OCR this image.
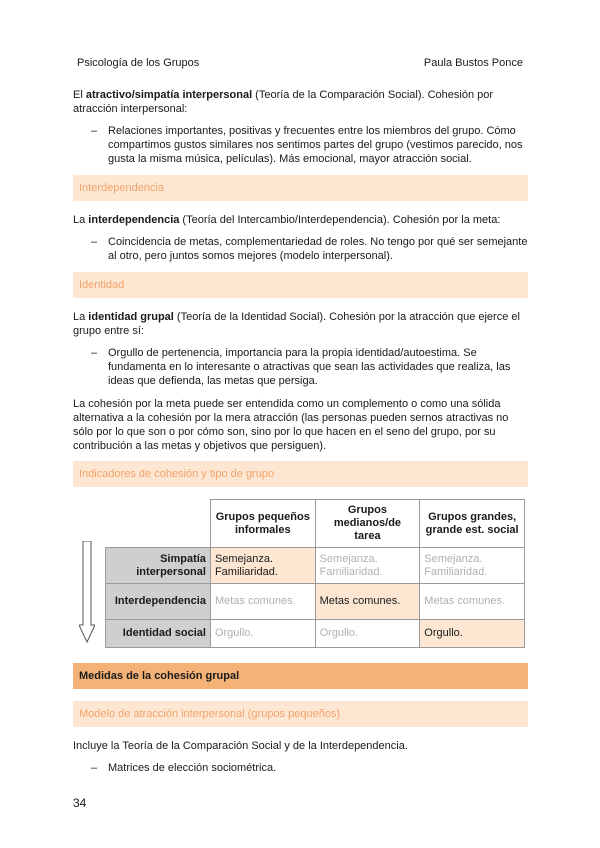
Psicología de los Grupos	Paula Bustos Ponce

El atractivo/simpatía interpersonal (Teoría de la Comparación Social). Cohesión por atracción interpersonal:

– Relaciones importantes, positivas y frecuentes entre los miembros del grupo. Cómo compartimos gustos similares nos sentimos partes del grupo (vestimos parecido, nos gusta la misma música, películas). Más emocional, mayor atracción social.
Interdependencia

La interdependencia (Teoría del Intercambio/Interdependencia). Cohesión por la meta:

– Coincidencia de metas, complementariedad de roles. No tengo por qué ser semejante al otro, pero juntos somos mejores (modelo interpersonal).
Identidad

La identidad grupal (Teoría de la Identidad Social). Cohesión por la atracción que ejerce el grupo entre sí:

– Orgullo de pertenencia, importancia para la propia identidad/autoestima. Se fundamenta en lo interesante o atractivas que sean las actividades que realiza, las ideas que defienda, las metas que persiga.

La cohesión por la meta puede ser entendida como un complemento o como una sólida alternativa a la cohesión por la mera atracción (las personas pueden sernos atractivas no sólo por lo que son o por cómo son, sino por lo que hacen en el seno del grupo, por su contribución a las metas y objetivos que persiguen).

Indicadores de cohesión y tipo de grupo
	Grupos pequeños informales	Grupos medianos/de tarea	Grupos grandes, grande est. social
Simpatía interpersonal	Semejanza. Familiaridad.	Semejanza. Familiaridad.	Semejanza. Familiaridad.
Interdependencia	Metas comunes.	Metas comunes.	Metas comunes.
Identidad social	Orgullo.	Orgullo.	Orgullo.
Medidas de la cohesión grupal
Modelo de atracción interpersonal (grupos pequeños)

Incluye la Teoría de la Comparación Social y de la Interdependencia.

– Matrices de elección sociométrica.
34
